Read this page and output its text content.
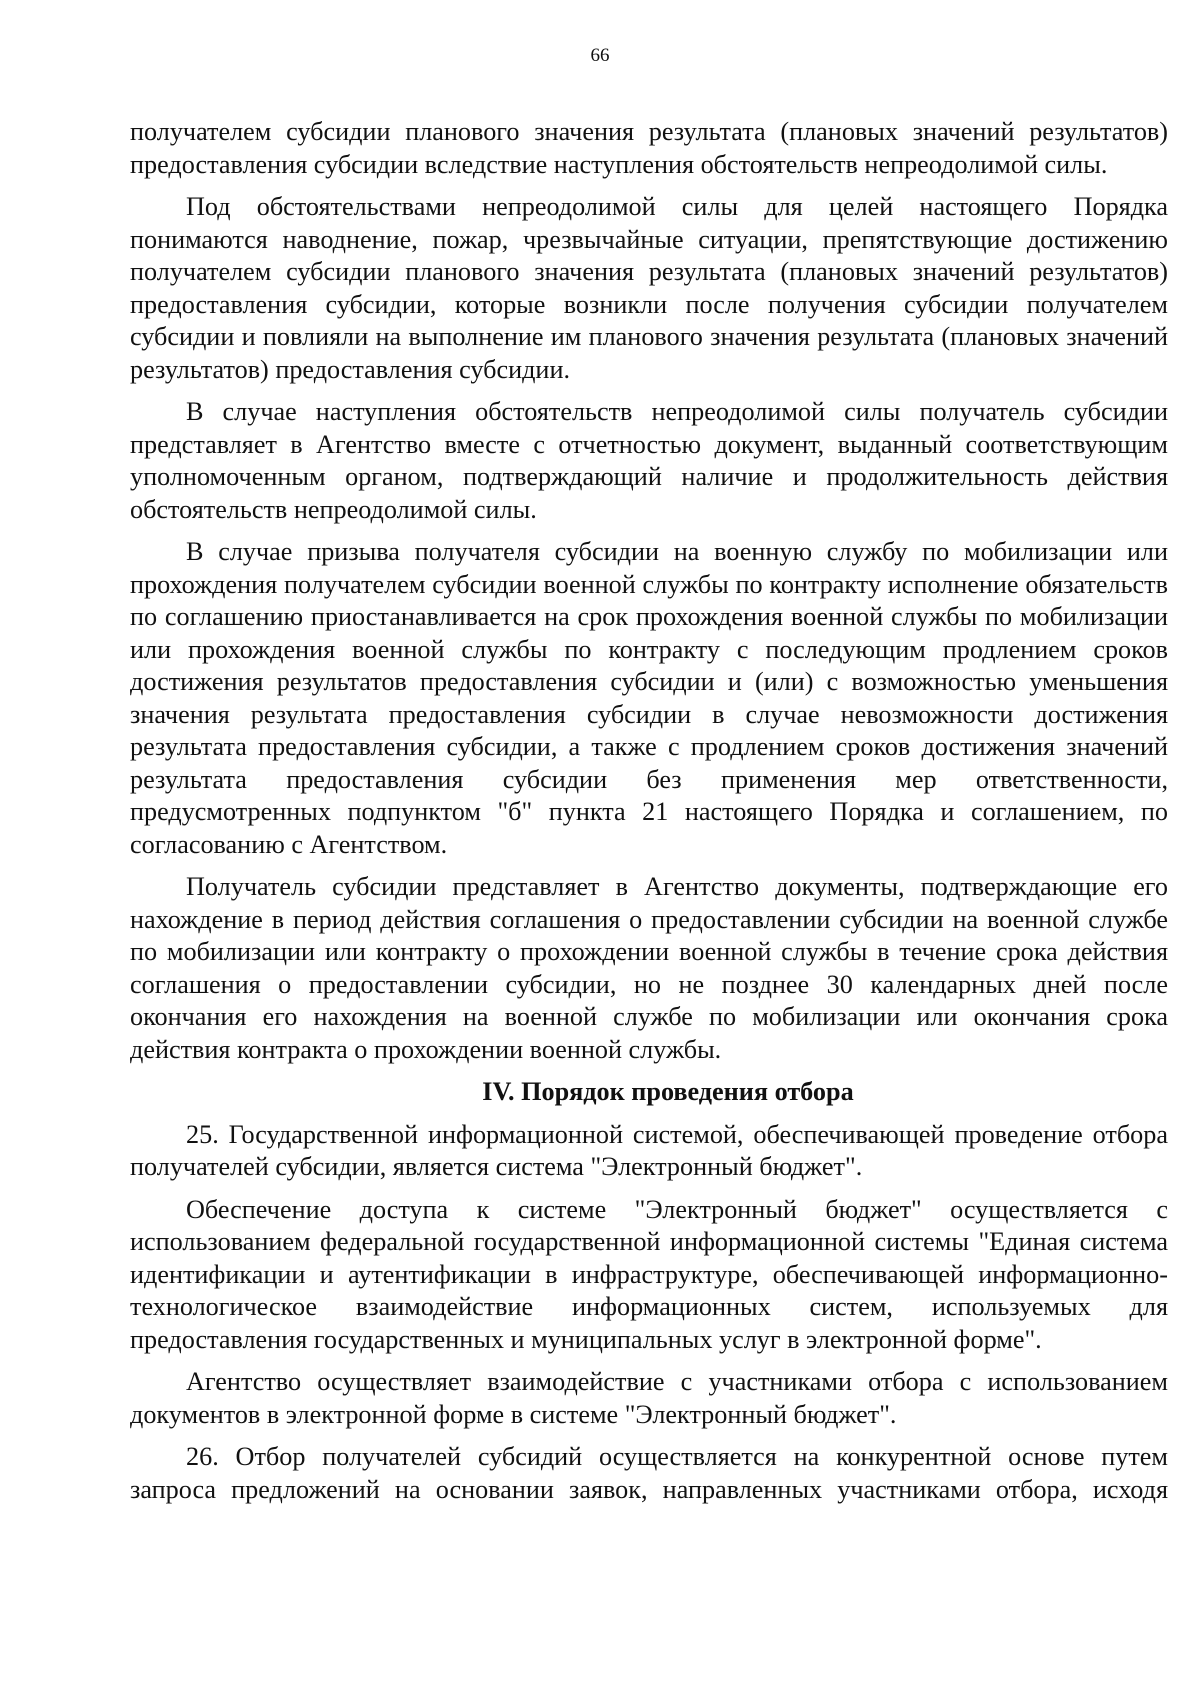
66

получателем субсидии планового значения результата (плановых значений результатов) предоставления субсидии вследствие наступления обстоятельств непреодолимой силы.

Под обстоятельствами непреодолимой силы для целей настоящего Порядка понимаются наводнение, пожар, чрезвычайные ситуации, препятствующие достижению получателем субсидии планового значения результата (плановых значений результатов) предоставления субсидии, которые возникли после получения субсидии получателем субсидии и повлияли на выполнение им планового значения результата (плановых значений результатов) предоставления субсидии.

В случае наступления обстоятельств непреодолимой силы получатель субсидии представляет в Агентство вместе с отчетностью документ, выданный соответствующим уполномоченным органом, подтверждающий наличие и продолжительность действия обстоятельств непреодолимой силы.

В случае призыва получателя субсидии на военную службу по мобилизации или прохождения получателем субсидии военной службы по контракту исполнение обязательств по соглашению приостанавливается на срок прохождения военной службы по мобилизации или прохождения военной службы по контракту с последующим продлением сроков достижения результатов предоставления субсидии и (или) с возможностью уменьшения значения результата предоставления субсидии в случае невозможности достижения результата предоставления субсидии, а также с продлением сроков достижения значений результата предоставления субсидии без применения мер ответственности, предусмотренных подпунктом "б" пункта 21 настоящего Порядка и соглашением, по согласованию с Агентством.

Получатель субсидии представляет в Агентство документы, подтверждающие его нахождение в период действия соглашения о предоставлении субсидии на военной службе по мобилизации или контракту о прохождении военной службы в течение срока действия соглашения о предоставлении субсидии, но не позднее 30 календарных дней после окончания его нахождения на военной службе по мобилизации или окончания срока действия контракта о прохождении военной службы.

IV. Порядок проведения отбора

25. Государственной информационной системой, обеспечивающей проведение отбора получателей субсидии, является система "Электронный бюджет".

Обеспечение доступа к системе "Электронный бюджет" осуществляется с использованием федеральной государственной информационной системы "Единая система идентификации и аутентификации в инфраструктуре, обеспечивающей информационно-технологическое взаимодействие информационных систем, используемых для предоставления государственных и муниципальных услуг в электронной форме".

Агентство осуществляет взаимодействие с участниками отбора с использованием документов в электронной форме в системе "Электронный бюджет".

26. Отбор получателей субсидий осуществляется на конкурентной основе путем запроса предложений на основании заявок, направленных участниками отбора, исходя
